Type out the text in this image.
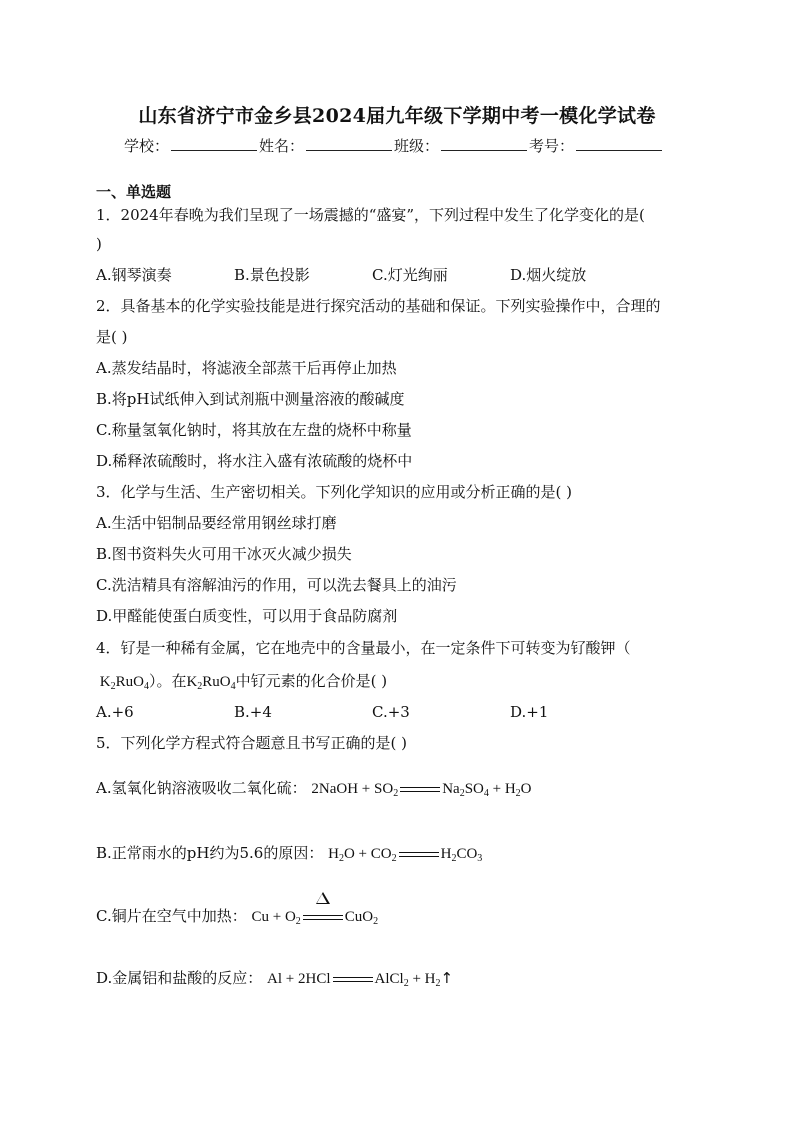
山东省济宁市金乡县2024届九年级下学期中考一模化学试卷
学校：	姓名：	班级：	考号：
一、单选题
1．2024年春晚为我们呈现了一场震撼的“盛宴”，下列过程中发生了化学变化的是(
)
A.钢琴演奏	B.景色投影	C.灯光绚丽	D.烟火绽放
2．具备基本的化学实验技能是进行探究活动的基础和保证。下列实验操作中，合理的
是( )
A.蒸发结晶时，将滤液全部蒸干后再停止加热
B.将pH试纸伸入到试剂瓶中测量溶液的酸碱度
C.称量氢氧化钠时，将其放在左盘的烧杯中称量
D.稀释浓硫酸时，将水注入盛有浓硫酸的烧杯中
3．化学与生活、生产密切相关。下列化学知识的应用或分析正确的是( )
A.生活中铝制品要经常用钢丝球打磨
B.图书资料失火可用干冰灭火减少损失
C.洗洁精具有溶解油污的作用，可以洗去餐具上的油污
D.甲醛能使蛋白质变性，可以用于食品防腐剂
4．钌是一种稀有金属，它在地壳中的含量最小，在一定条件下可转变为钌酸钾（
$K_2RuO_4$）。在$K_2RuO_4$中钌元素的化合价是( )
A.+6	B.+4	C.+3	D.+1
5．下列化学方程式符合题意且书写正确的是( )
A.氢氧化钠溶液吸收二氧化硫： 2NaOH + $SO_2$	$Na_2SO_4 + H_2O$
B.正常雨水的pH约为5.6的原因： $H_2O + CO_2$	$H_2CO_3$
C.铜片在空气中加热： $Cu + O_2$	CuO$_2$
D.金属铝和盐酸的反应： Al + 2HCl	AlCl$_2$ + $H_2↑$
